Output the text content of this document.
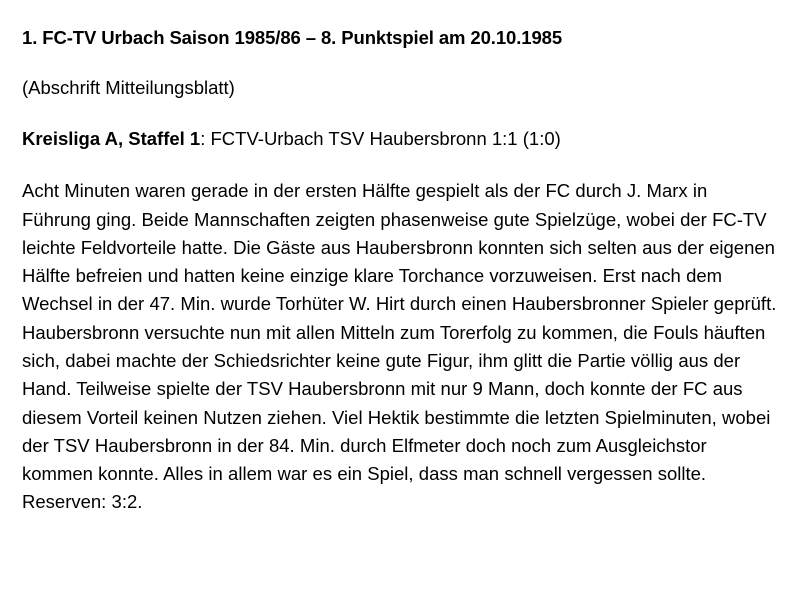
1. FC-TV Urbach Saison 1985/86 – 8. Punktspiel am 20.10.1985

(Abschrift Mitteilungsblatt)

Kreisliga A, Staffel 1: FCTV-Urbach TSV Haubersbronn 1:1 (1:0)

Acht Minuten waren gerade in der ersten Hälfte gespielt als der FC durch J. Marx in Führung ging. Beide Mannschaften zeigten phasenweise gute Spielzüge, wobei der FC-TV leichte Feldvorteile hatte. Die Gäste aus Haubersbronn konnten sich selten aus der eigenen Hälfte befreien und hatten keine einzige klare Torchance vorzuweisen. Erst nach dem Wechsel in der 47. Min. wurde Torhüter W. Hirt durch einen Haubersbronner Spieler geprüft. Haubersbronn versuchte nun mit allen Mitteln zum Torerfolg zu kommen, die Fouls häuften sich, dabei machte der Schiedsrichter keine gute Figur, ihm glitt die Partie völlig aus der Hand. Teilweise spielte der TSV Haubersbronn mit nur 9 Mann, doch konnte der FC aus diesem Vorteil keinen Nutzen ziehen. Viel Hektik bestimmte die letzten Spielminuten, wobei der TSV Haubersbronn in der 84. Min. durch Elfmeter doch noch zum Ausgleichstor kommen konnte. Alles in allem war es ein Spiel, dass man schnell vergessen sollte.
Reserven: 3:2.
